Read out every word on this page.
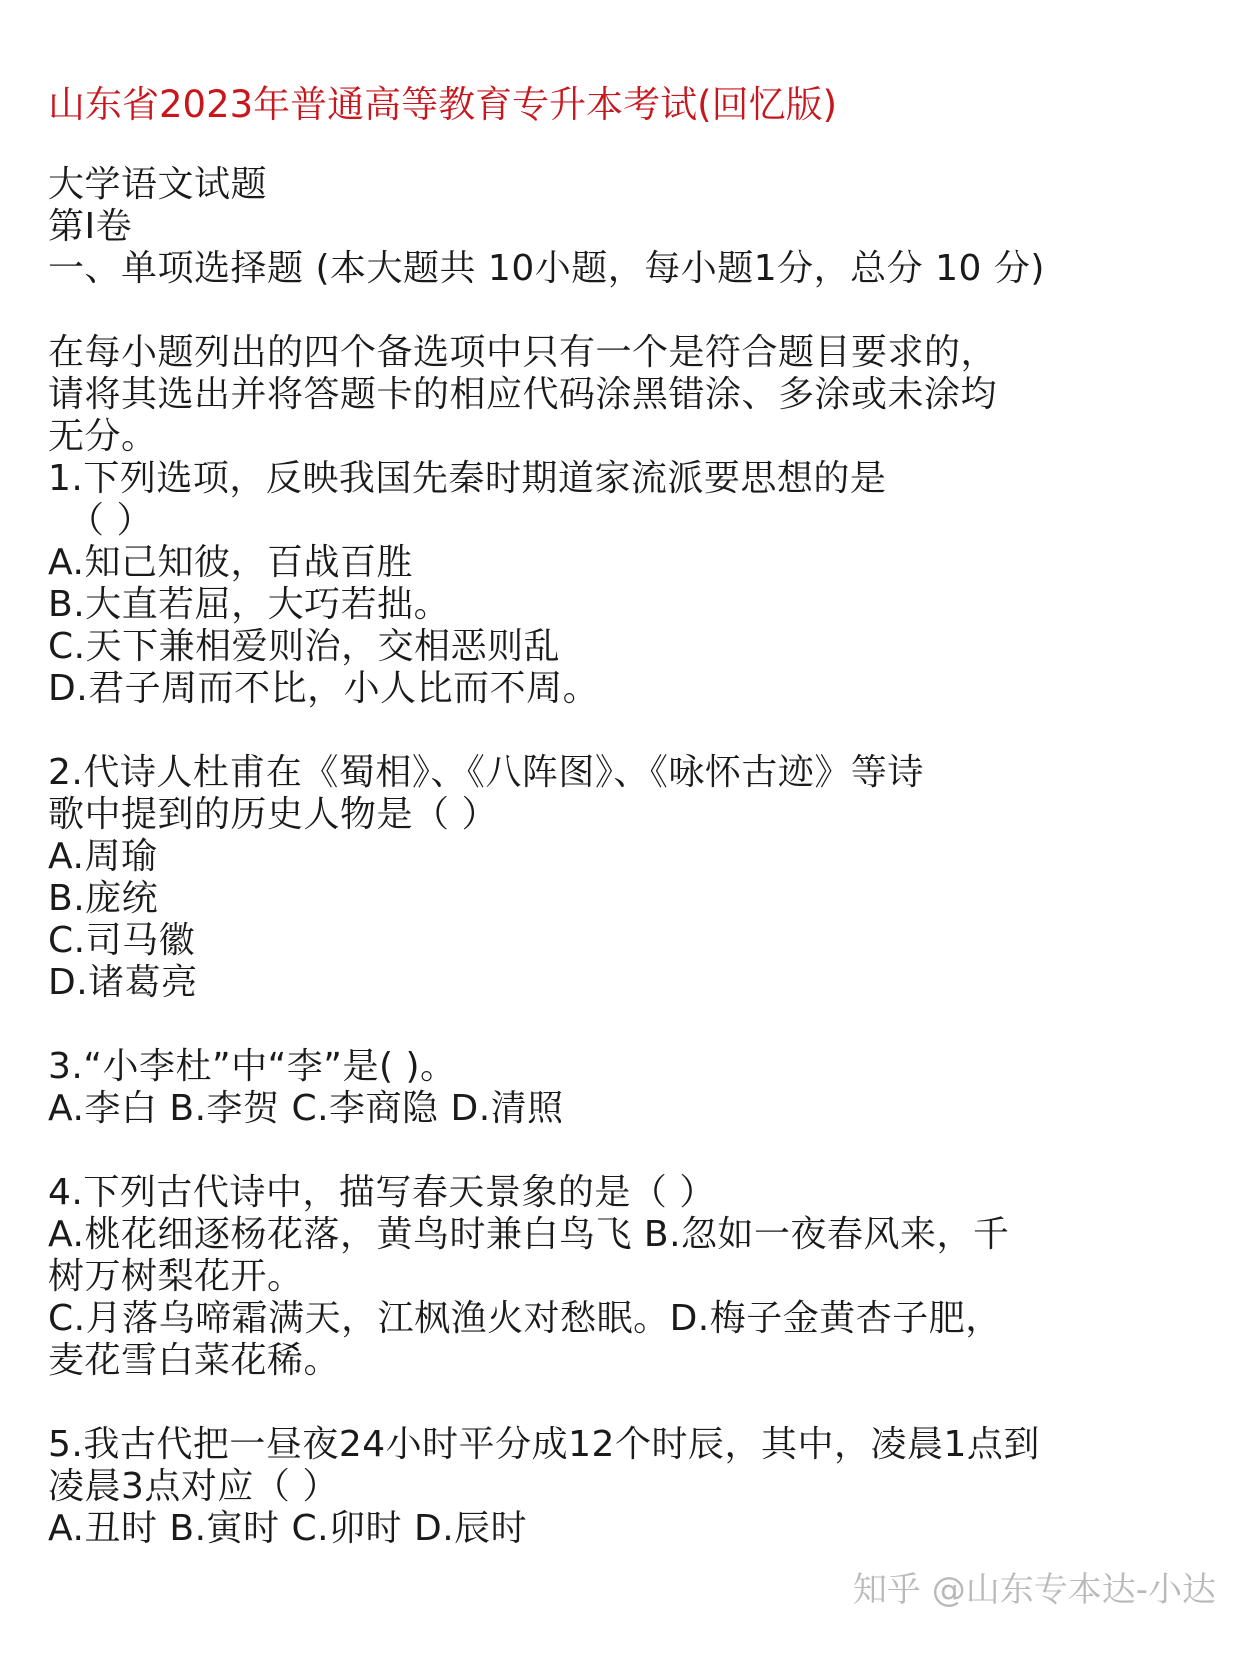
山东省2023年普通高等教育专升本考试(回忆版)
大学语文试题
第Ⅰ卷
一、单项选择题 (本大题共 10小题，每小题1分，总分 10 分)
在每小题列出的四个备选项中只有一个是符合题目要求的，
请将其选出并将答题卡的相应代码涂黑错涂、多涂或未涂均
无分。
1.下列选项，反映我国先秦时期道家流派要思想的是
（ ）
A.知己知彼，百战百胜
B.大直若屈，大巧若拙。
C.天下兼相爱则治，交相恶则乱
D.君子周而不比，小人比而不周。
2.代诗人杜甫在《蜀相》、《八阵图》、《咏怀古迹》等诗
歌中提到的历史人物是（ ）
A.周瑜
B.庞统
C.司马徽
D.诸葛亮
3.“小李杜”中“李”是( )。
A.李白 B.李贺 C.李商隐 D.清照
4.下列古代诗中，描写春天景象的是（ ）
A.桃花细逐杨花落，黄鸟时兼白鸟飞 B.忽如一夜春风来，千
树万树梨花开。
C.月落乌啼霜满天，江枫渔火对愁眠。D.梅子金黄杏子肥，
麦花雪白菜花稀。
5.我古代把一昼夜24小时平分成12个时辰，其中，凌晨1点到
凌晨3点对应（ ）
A.丑时 B.寅时 C.卯时 D.辰时
知乎 @山东专本达-小达
